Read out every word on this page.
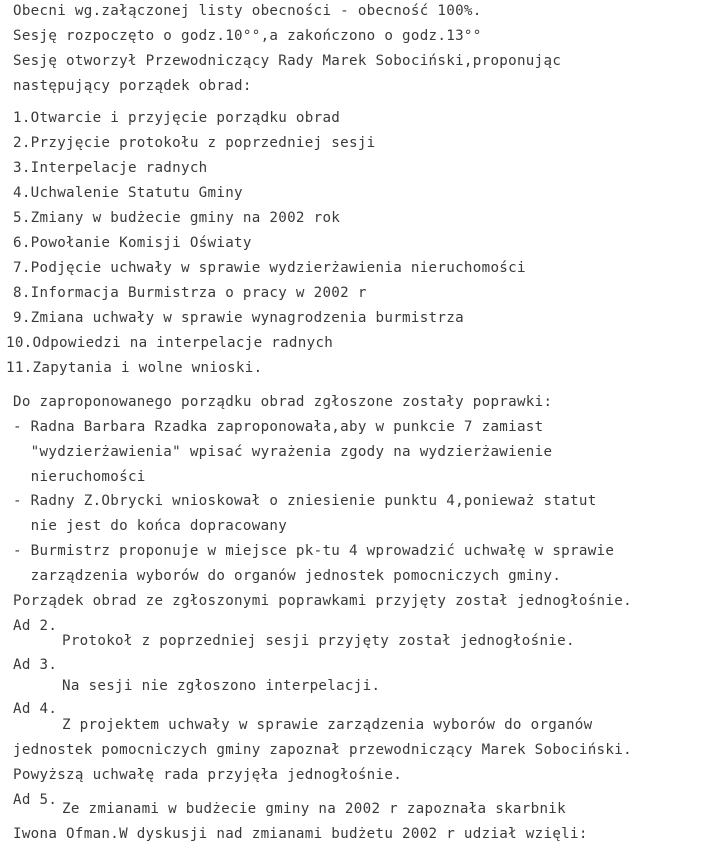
Obecni wg.załączonej listy obecności - obecność 100%.
Sesję rozpoczęto o godz.10°°,a zakończono o godz.13°°
Sesję otworzył Przewodniczący Rady Marek Sobociński,proponując
następujący porządek obrad:
1.Otwarcie i przyjęcie porządku obrad
2.Przyjęcie protokołu z poprzedniej sesji
3.Interpelacje radnych
4.Uchwalenie Statutu Gminy
5.Zmiany w budżecie gminy na 2002 rok
6.Powołanie Komisji Oświaty
7.Podjęcie uchwały w sprawie wydzierżawienia nieruchomości
8.Informacja Burmistrza o pracy w 2002 r
9.Zmiana uchwały w sprawie wynagrodzenia burmistrza
10.Odpowiedzi na interpelacje radnych
11.Zapytania i wolne wnioski.
Do zaproponowanego porządku obrad zgłoszone zostały poprawki:
- Radna Barbara Rzadka zaproponowała,aby w punkcie 7 zamiast
"wydzierżawienia" wpisać wyrażenia zgody na wydzierżawienie
nieruchomości
- Radny Z.Obrycki wnioskował o zniesienie punktu 4,ponieważ statut
nie jest do końca dopracowany
- Burmistrz proponuje w miejsce pk-tu 4 wprowadzić uchwałę w sprawie
zarządzenia wyborów do organów jednostek pomocniczych gminy.
Porządek obrad ze zgłoszonymi poprawkami przyjęty został jednogłośnie.
Ad 2.
Protokoł z poprzedniej sesji przyjęty został jednogłośnie.
Ad 3.
Na sesji nie zgłoszono interpelacji.
Ad 4.
Z projektem uchwały w sprawie zarządzenia wyborów do organów
jednostek pomocniczych gminy zapoznał przewodniczący Marek Sobociński.
Powyższą uchwałę rada przyjęła jednogłośnie.
Ad 5.
Ze zmianami w budżecie gminy na 2002 r zapoznała skarbnik
Iwona Ofman.W dyskusji nad zmianami budżetu 2002 r udział wzięli:
